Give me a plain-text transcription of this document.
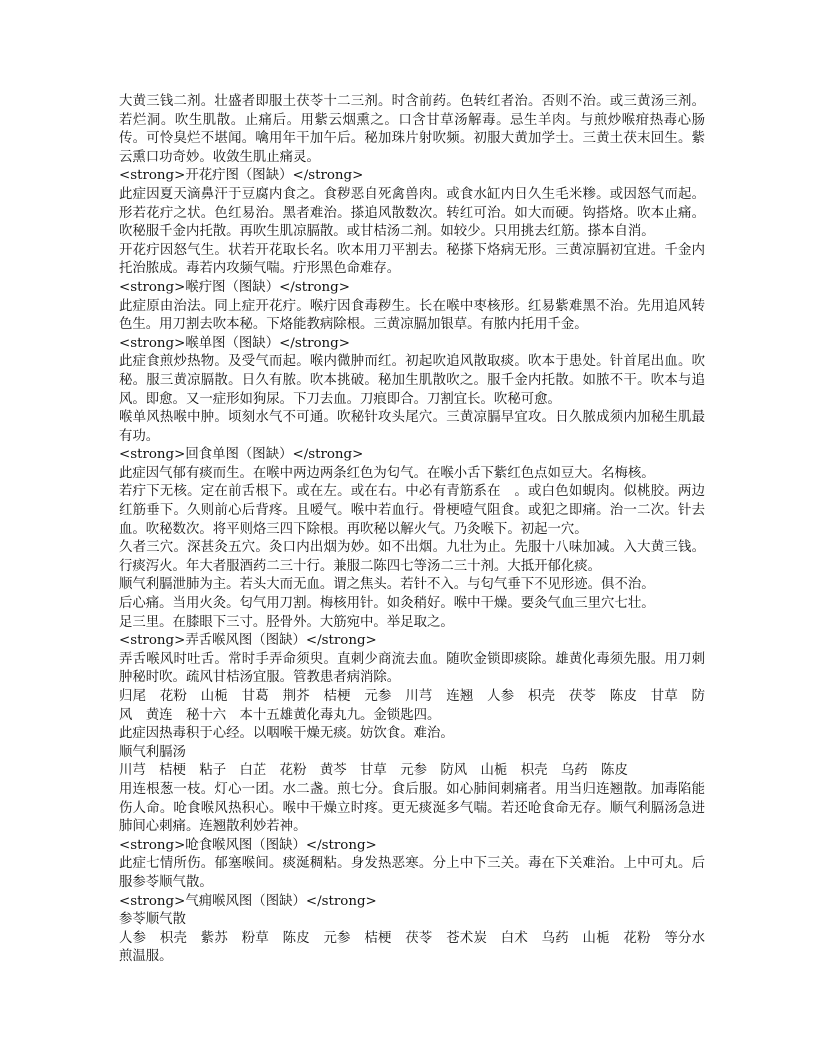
大黄三钱二剂。壮盛者即服土茯苓十二三剂。时含前药。色转红者治。否则不治。或三黄汤三剂。若烂洞。吹生肌散。止痛后。用紫云烟熏之。口含甘草汤解毒。忌生羊肉。与煎炒喉疳热毒心肠传。可怜臭烂不堪闻。噙用年干加午后。秘加珠片射吹频。初服大黄加学士。三黄土茯末回生。紫云熏口功奇妙。收敛生肌止痛灵。

<strong>开花疔图（图缺）</strong>

此症因夏天滴鼻汗于豆腐内食之。食秽恶自死禽兽肉。或食水缸内日久生毛米糁。或因怒气而起。形若花疔之状。色红易治。黑者难治。搽追风散数次。转红可治。如大而硬。钩搭烙。吹本止痛。吹秘服千金内托散。再吹生肌凉膈散。或甘桔汤二剂。如较少。只用挑去红筋。搽本自消。

开花疔因怒气生。状若开花取长名。吹本用刀平割去。秘搽下烙病无形。三黄凉膈初宜进。千金内托治脓成。毒若内攻频气喘。疔形黑色命难存。

<strong>喉疔图（图缺）</strong>

此症原由治法。同上症开花疔。喉疔因食毒秽生。长在喉中枣核形。红易紫难黑不治。先用追风转色生。用刀割去吹本秘。下烙能教病除根。三黄凉膈加银草。有脓内托用千金。

<strong>喉单图（图缺）</strong>

此症食煎炒热物。及受气而起。喉内微肿而红。初起吹追风散取痰。吹本于患处。针首尾出血。吹秘。服三黄凉膈散。日久有脓。吹本挑破。秘加生肌散吹之。服千金内托散。如脓不干。吹本与追风。即愈。又一症形如狗尿。下刀去血。刀痕即合。刀割宜长。吹秘可愈。

喉单风热喉中肿。顷刻水气不可通。吹秘针攻头尾穴。三黄凉膈早宜攻。日久脓成须内加秘生肌最有功。

<strong>回食单图（图缺）</strong>

此症因气郁有痰而生。在喉中两边两条红色为匂气。在喉小舌下紫红色点如豆大。名梅核。

若疔下无核。定在前舌根下。或在左。或在右。中必有青筋系在　。或白色如蜆肉。似桃胶。两边红筋垂下。久则前心后背疼。且嗳气。喉中若血行。骨梗噎气阻食。或犯之即痛。治一二次。针去血。吹秘数次。将平则烙三四下除根。再吹秘以解火气。乃灸喉下。初起一穴。

久者三穴。深甚灸五穴。灸口内出烟为妙。如不出烟。九壮为止。先服十八味加减。入大黄三钱。行痰泻火。年大者服酒药二三十行。兼服二陈四七等汤二三十剂。大抵开郁化痰。

顺气利膈泄肺为主。若头大而无血。谓之焦头。若针不入。与匂气垂下不见形迹。俱不治。

后心痛。当用火灸。匂气用刀割。梅核用针。如灸稍好。喉中干燥。要灸气血三里穴七壮。

足三里。在膝眼下三寸。胫骨外。大筋宛中。举足取之。

<strong>弄舌喉风图（图缺）</strong>

弄舌喉风时吐舌。常时手弄命须臾。直刺少商流去血。随吹金锁即痰除。雄黄化毒须先服。用刀刺肿秘时吹。疏风甘桔汤宜服。管教患者病消除。

归尾　花粉　山栀　甘葛　荆芥　桔梗　元参　川芎　连翘　人参　枳壳　茯苓　陈皮　甘草　防风　黄连　秘十六　本十五雄黄化毒丸九。金锁匙四。

此症因热毒积于心经。以咽喉干燥无痰。妨饮食。难治。

顺气利膈汤

川芎　桔梗　粘子　白芷　花粉　黄芩　甘草　元参　防风　山栀　枳壳　乌药　陈皮

用连根葱一枝。灯心一团。水二盏。煎七分。食后服。如心肺间刺痛者。用当归连翘散。加毒陷能伤人命。呛食喉风热积心。喉中干燥立时疼。更无痰涎多气喘。若还呛食命无存。顺气利膈汤急进肺间心刺痛。连翘散利妙若神。

<strong>呛食喉风图（图缺）</strong>

此症七情所伤。郁塞喉间。痰涎稠粘。身发热恶寒。分上中下三关。毒在下关难治。上中可丸。后服参苓顺气散。

<strong>气痈喉风图（图缺）</strong>

参苓顺气散

人参　枳壳　紫苏　粉草　陈皮　元参　桔梗　茯苓　苍术炭　白术　乌药　山栀　花粉　等分水煎温服。
